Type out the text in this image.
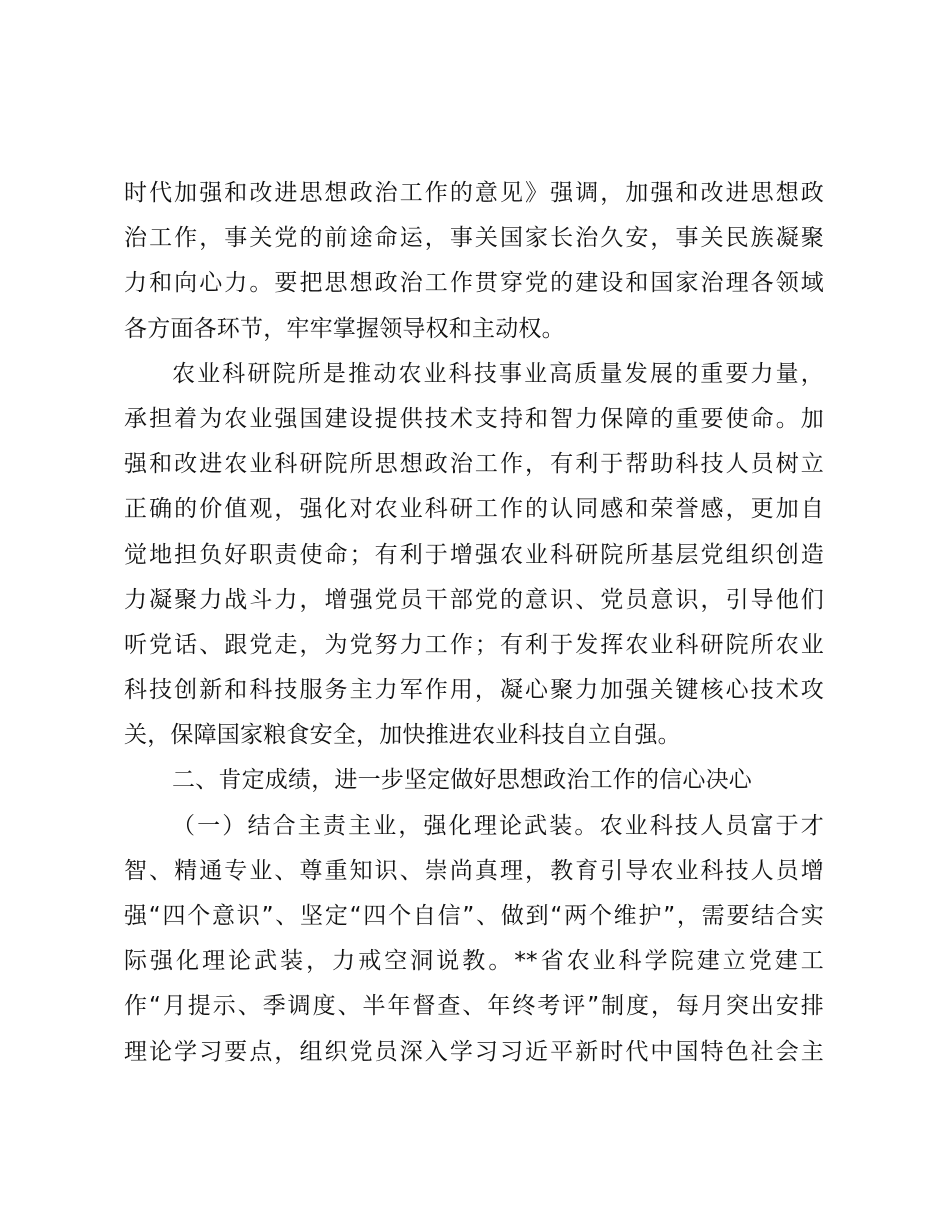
时代加强和改进思想政治工作的意见》强调，加强和改进思想政
治工作，事关党的前途命运，事关国家长治久安，事关民族凝聚
力和向心力。要把思想政治工作贯穿党的建设和国家治理各领域
各方面各环节，牢牢掌握领导权和主动权。
农业科研院所是推动农业科技事业高质量发展的重要力量，
承担着为农业强国建设提供技术支持和智力保障的重要使命。加
强和改进农业科研院所思想政治工作，有利于帮助科技人员树立
正确的价值观，强化对农业科研工作的认同感和荣誉感，更加自
觉地担负好职责使命；有利于增强农业科研院所基层党组织创造
力凝聚力战斗力，增强党员干部党的意识、党员意识，引导他们
听党话、跟党走，为党努力工作；有利于发挥农业科研院所农业
科技创新和科技服务主力军作用，凝心聚力加强关键核心技术攻
关，保障国家粮食安全，加快推进农业科技自立自强。
二、肯定成绩，进一步坚定做好思想政治工作的信心决心
（一）结合主责主业，强化理论武装。农业科技人员富于才
智、精通专业、尊重知识、崇尚真理，教育引导农业科技人员增
强“四个意识”、坚定“四个自信”、做到“两个维护”，需要结合实
际强化理论武装，力戒空洞说教。**省农业科学院建立党建工
作“月提示、季调度、半年督查、年终考评”制度，每月突出安排
理论学习要点，组织党员深入学习习近平新时代中国特色社会主
